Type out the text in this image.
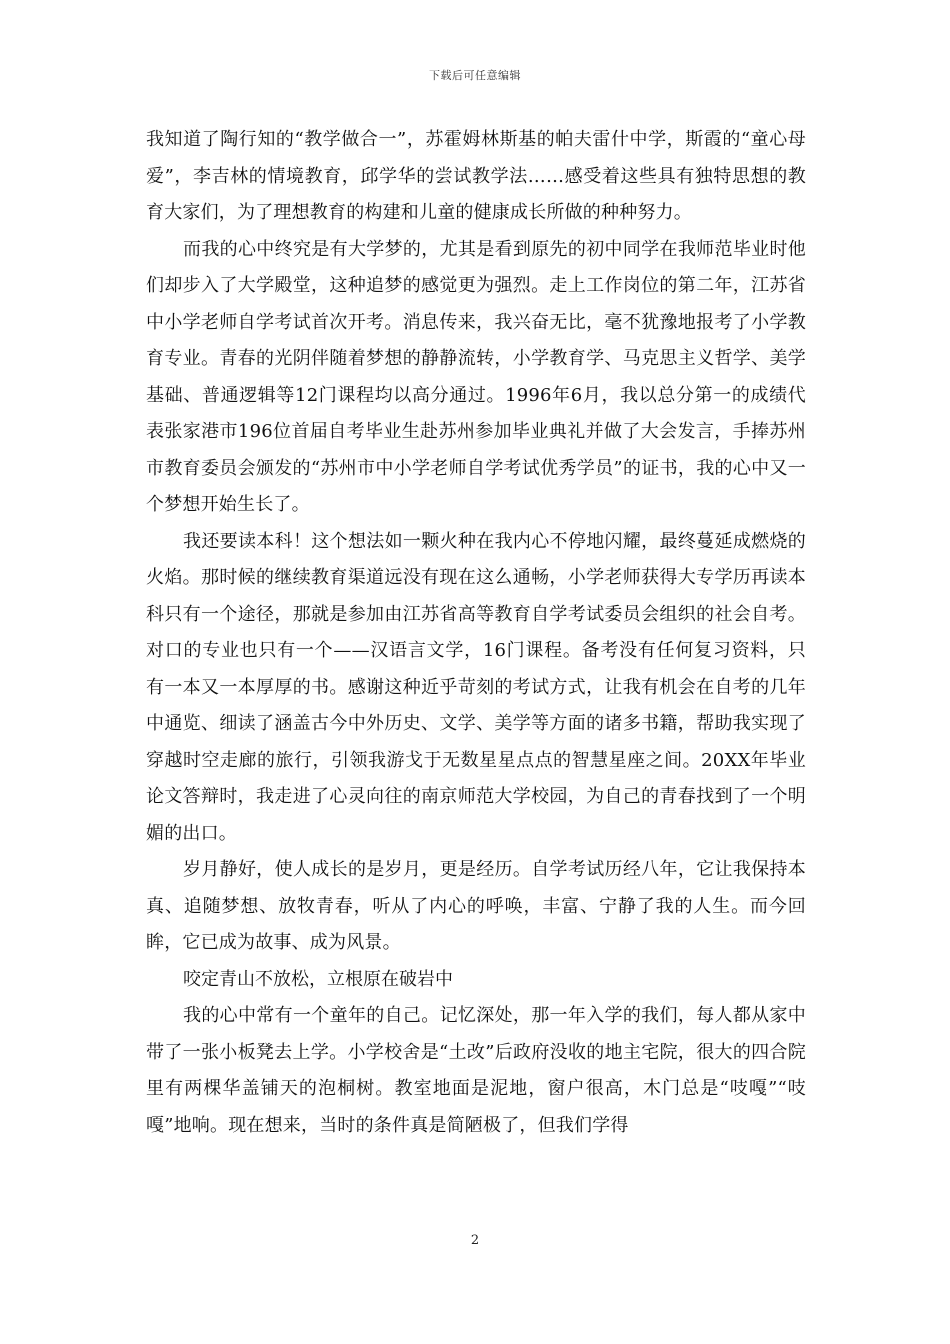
下载后可任意编辑

我知道了陶行知的“教学做合一”，苏霍姆林斯基的帕夫雷什中学，斯霞的“童心母爱”，李吉林的情境教育，邱学华的尝试教学法……感受着这些具有独特思想的教育大家们，为了理想教育的构建和儿童的健康成长所做的种种努力。

而我的心中终究是有大学梦的，尤其是看到原先的初中同学在我师范毕业时他们却步入了大学殿堂，这种追梦的感觉更为强烈。走上工作岗位的第二年，江苏省中小学老师自学考试首次开考。消息传来，我兴奋无比，毫不犹豫地报考了小学教育专业。青春的光阴伴随着梦想的静静流转，小学教育学、马克思主义哲学、美学基础、普通逻辑等12门课程均以高分通过。1996年6月，我以总分第一的成绩代表张家港市196位首届自考毕业生赴苏州参加毕业典礼并做了大会发言，手捧苏州市教育委员会颁发的“苏州市中小学老师自学考试优秀学员”的证书，我的心中又一个梦想开始生长了。

我还要读本科！这个想法如一颗火种在我内心不停地闪耀，最终蔓延成燃烧的火焰。那时候的继续教育渠道远没有现在这么通畅，小学老师获得大专学历再读本科只有一个途径，那就是参加由江苏省高等教育自学考试委员会组织的社会自考。对口的专业也只有一个——汉语言文学，16门课程。备考没有任何复习资料，只有一本又一本厚厚的书。感谢这种近乎苛刻的考试方式，让我有机会在自考的几年中通览、细读了涵盖古今中外历史、文学、美学等方面的诸多书籍，帮助我实现了穿越时空走廊的旅行，引领我游戈于无数星星点点的智慧星座之间。20XX年毕业论文答辩时，我走进了心灵向往的南京师范大学校园，为自己的青春找到了一个明媚的出口。

岁月静好，使人成长的是岁月，更是经历。自学考试历经八年，它让我保持本真、追随梦想、放牧青春，听从了内心的呼唤，丰富、宁静了我的人生。而今回眸，它已成为故事、成为风景。

咬定青山不放松，立根原在破岩中

我的心中常有一个童年的自己。记忆深处，那一年入学的我们，每人都从家中带了一张小板凳去上学。小学校舍是“土改”后政府没收的地主宅院，很大的四合院里有两棵华盖铺天的泡桐树。教室地面是泥地，窗户很高，木门总是“吱嘎”“吱嘎”地响。现在想来，当时的条件真是简陋极了，但我们学得

2
